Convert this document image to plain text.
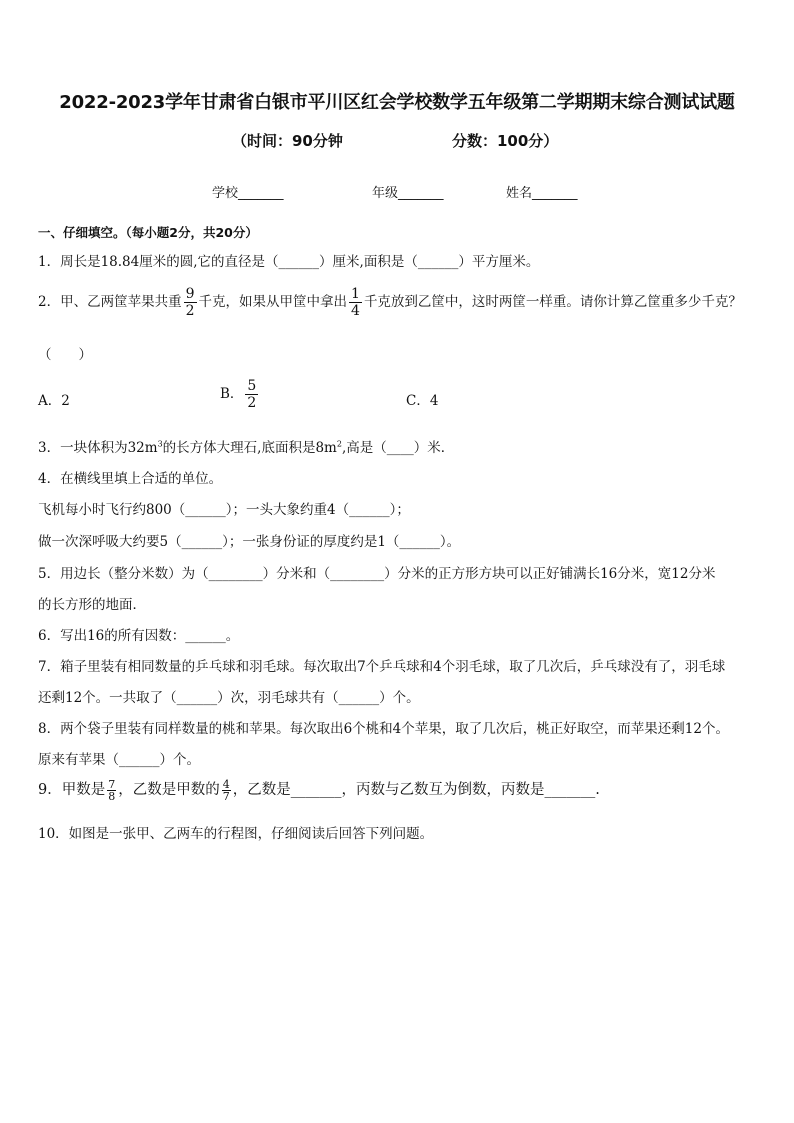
2022-2023学年甘肃省白银市平川区红会学校数学五年级第二学期期末综合测试试题
（时间：90分钟	分数：100分）
学校_______	年级_______	姓名_______
一、仔细填空。（每小题2分，共20分）
1．周长是18.84厘米的圆,它的直径是（______）厘米,面积是（______）平方厘米。
2．甲、乙两筐苹果共重 $\frac{9}{2}$ 千克，如果从甲筐中拿出 $\frac{1}{4}$ 千克放到乙筐中，这时两筐一样重。请你计算乙筐重多少千克？
（　　）
A．2	B． $\frac{5}{2}$	C．4
3．一块体积为$32m^3$的长方体大理石,底面积是$8m^2$,高是（____）米．
4．在横线里填上合适的单位。
飞机每小时飞行约800（______）；一头大象约重4（______）；
做一次深呼吸大约要5（______）；一张身份证的厚度约是1（______）。
5．用边长（整分米数）为（________）分米和（________）分米的正方形方块可以正好铺满长16分米，宽12分米
的长方形的地面．
6．写出16的所有因数：______。
7．箱子里装有相同数量的乒乓球和羽毛球。每次取出7个乒乓球和4个羽毛球，取了几次后，乒乓球没有了，羽毛球
还剩12个。一共取了（______）次，羽毛球共有（______）个。
8．两个袋子里装有同样数量的桃和苹果。每次取出6个桃和4个苹果，取了几次后，桃正好取空，而苹果还剩12个。
原来有苹果（______）个。
9．甲数是 $\frac{7}{8}$ ，乙数是甲数的 $\frac{4}{7}$ ，乙数是_______，丙数与乙数互为倒数，丙数是_______.
10．如图是一张甲、乙两车的行程图，仔细阅读后回答下列问题。
